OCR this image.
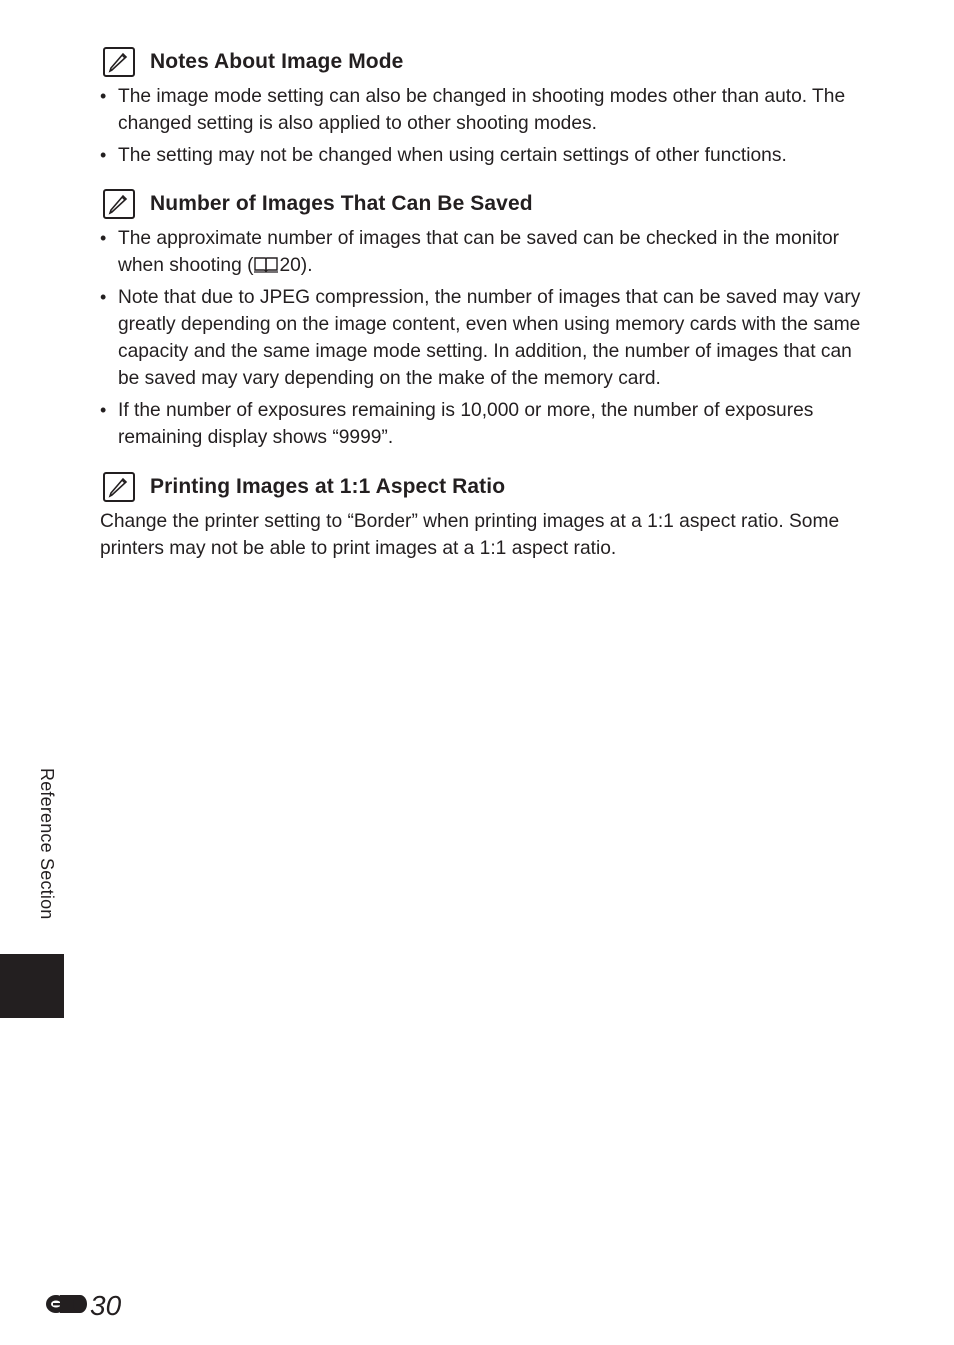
Notes About Image Mode
• The image mode setting can also be changed in shooting modes other than auto. The changed setting is also applied to other shooting modes.
• The setting may not be changed when using certain settings of other functions.
Number of Images That Can Be Saved
• The approximate number of images that can be saved can be checked in the monitor when shooting ( 20).
• Note that due to JPEG compression, the number of images that can be saved may vary greatly depending on the image content, even when using memory cards with the same capacity and the same image mode setting. In addition, the number of images that can be saved may vary depending on the make of the memory card.
• If the number of exposures remaining is 10,000 or more, the number of exposures remaining display shows “9999”.
Printing Images at 1:1 Aspect Ratio

Change the printer setting to “Border” when printing images at a 1:1 aspect ratio. Some printers may not be able to print images at a 1:1 aspect ratio.

Reference Section
30
